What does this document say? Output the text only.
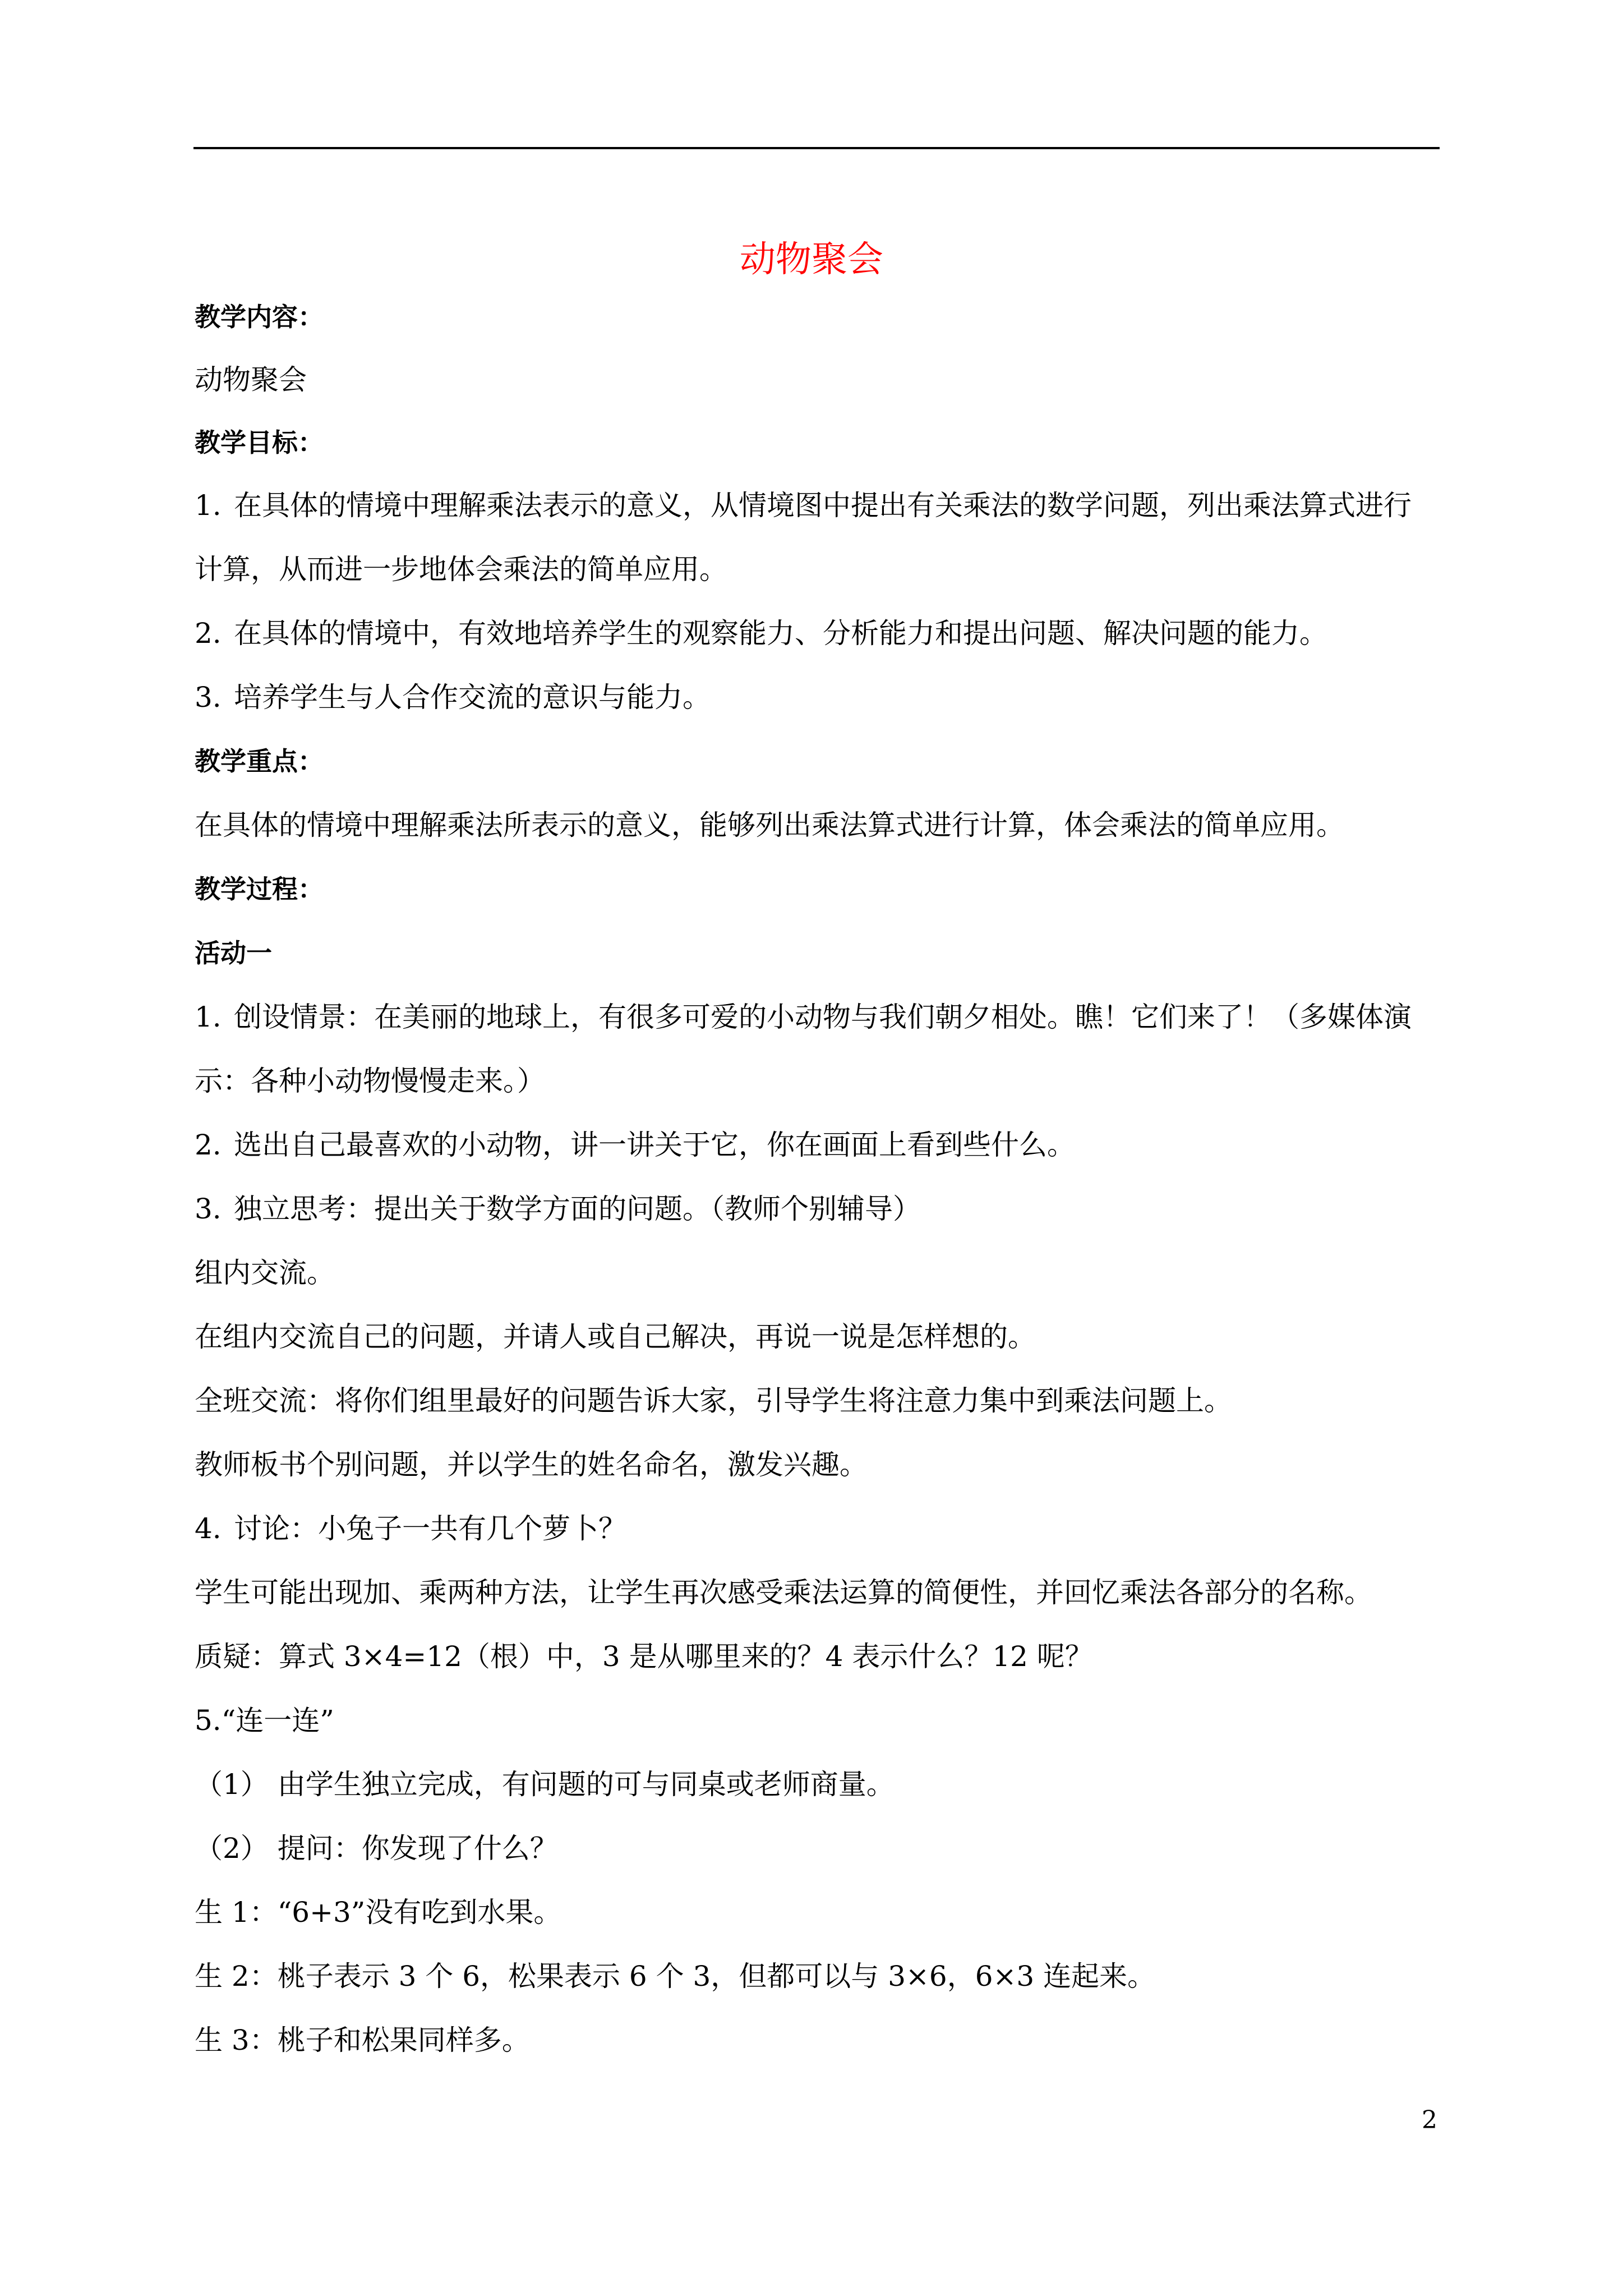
动物聚会
教学内容：
动物聚会
教学目标：
1. 在具体的情境中理解乘法表示的意义，从情境图中提出有关乘法的数学问题，列出乘法算式进行
计算，从而进一步地体会乘法的简单应用。
2. 在具体的情境中，有效地培养学生的观察能力、分析能力和提出问题、解决问题的能力。
3. 培养学生与人合作交流的意识与能力。
教学重点：
在具体的情境中理解乘法所表示的意义，能够列出乘法算式进行计算，体会乘法的简单应用。
教学过程：
活动一
1. 创设情景：在美丽的地球上，有很多可爱的小动物与我们朝夕相处。瞧！它们来了！（多媒体演
示：各种小动物慢慢走来。）
2. 选出自己最喜欢的小动物，讲一讲关于它，你在画面上看到些什么。
3. 独立思考：提出关于数学方面的问题。（教师个别辅导）
组内交流。
在组内交流自己的问题，并请人或自己解决，再说一说是怎样想的。
全班交流：将你们组里最好的问题告诉大家，引导学生将注意力集中到乘法问题上。
教师板书个别问题，并以学生的姓名命名，激发兴趣。
4. 讨论：小兔子一共有几个萝卜？
学生可能出现加、乘两种方法，让学生再次感受乘法运算的简便性，并回忆乘法各部分的名称。
质疑：算式 3×4=12（根）中，3 是从哪里来的？4 表示什么？12 呢？
5.“连一连”
（1） 由学生独立完成，有问题的可与同桌或老师商量。
（2） 提问：你发现了什么？
生 1：“6+3”没有吃到水果。
生 2：桃子表示 3 个 6，松果表示 6 个 3，但都可以与 3×6，6×3 连起来。
生 3：桃子和松果同样多。
2
